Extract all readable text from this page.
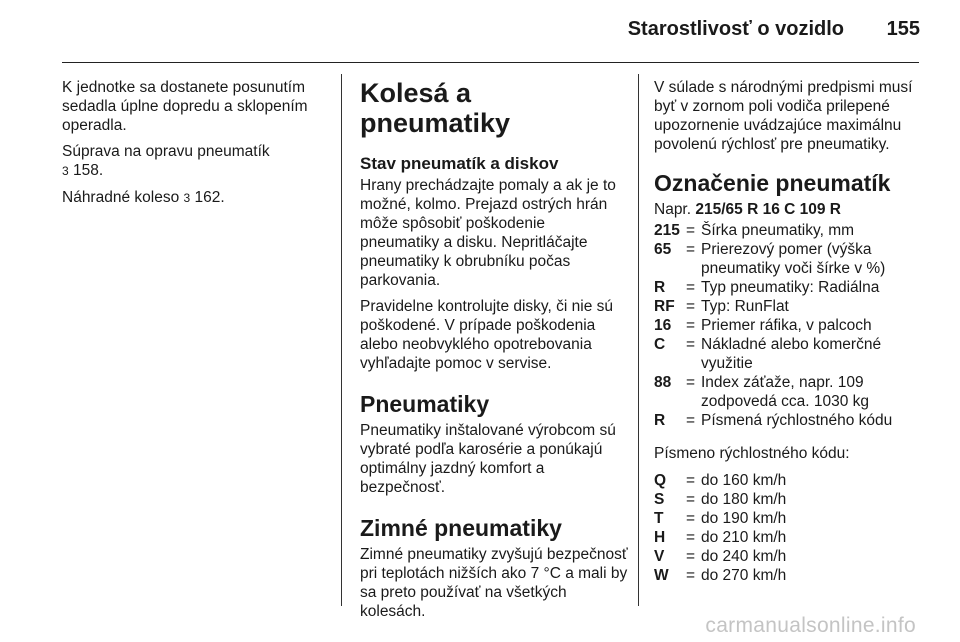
Starostlivosť o vozidlo 155

K jednotke sa dostanete posunutím sedadla úplne dopredu a sklopením operadla.

Súprava na opravu pneumatík
3 158.

Náhradné koleso 3 162.

Kolesá a pneumatiky
Stav pneumatík a diskov

Hrany prechádzajte pomaly a ak je to možné, kolmo. Prejazd ostrých hrán môže spôsobiť poškodenie pneumatiky a disku. Nepritláčajte pneumatiky k obrubníku počas parkovania.

Pravidelne kontrolujte disky, či nie sú poškodené. V prípade poškodenia alebo neobvyklého opotrebovania vyhľadajte pomoc v servise.

Pneumatiky

Pneumatiky inštalované výrobcom sú vybraté podľa karosérie a ponúkajú optimálny jazdný komfort a bezpečnosť.

Zimné pneumatiky

Zimné pneumatiky zvyšujú bezpečnosť pri teplotách nižších ako 7 °C a mali by sa preto používať na všetkých kolesách.

V súlade s národnými predpismi musí byť v zornom poli vodiča prilepené upozornenie uvádzajúce maximálnu povolenú rýchlosť pre pneumatiky.

Označenie pneumatík

Napr. 215/65 R 16 C 109 R

215 = Šírka pneumatiky, mm
65 = Prierezový pomer (výška pneumatiky voči šírke v %)
R	= Typ pneumatiky: Radiálna
RF = Typ: RunFlat
16 = Priemer ráfika, v palcoch
C	= Nákladné alebo komerčné využitie
88 = Index záťaže, napr. 109 zodpovedá cca. 1030 kg
R	= Písmená rýchlostného kódu

Písmeno rýchlostného kódu:

Q	= do 160 km/h
S	= do 180 km/h
T	= do 190 km/h
H	= do 210 km/h
V	= do 240 km/h
W	= do 270 km/h
carmanualsonline.info
